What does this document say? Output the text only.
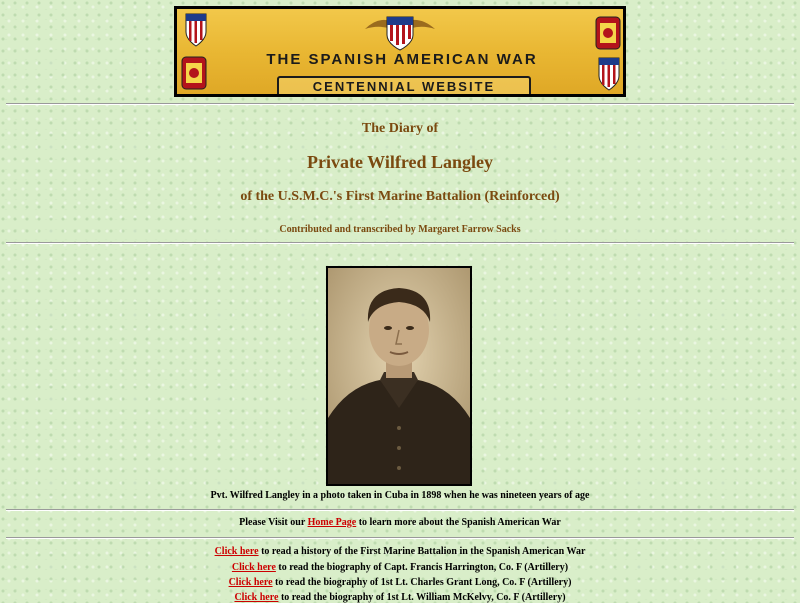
THE SPANISH AMERICAN WAR
CENTENNIAL WEBSITE
The Diary of
Private Wilfred Langley
of the U.S.M.C.'s First Marine Battalion (Reinforced)
Contributed and transcribed by Margaret Farrow Sacks
Pvt. Wilfred Langley in a photo taken in Cuba in 1898 when he was nineteen years of age
Please Visit our Home Page to learn more about the Spanish American War
Click here to read a history of the First Marine Battalion in the Spanish American War
Click here to read the biography of Capt. Francis Harrington, Co. F (Artillery)
Click here to read the biography of 1st Lt. Charles Grant Long, Co. F (Artillery)
Click here to read the biography of 1st Lt. William McKelvy, Co. F (Artillery)
